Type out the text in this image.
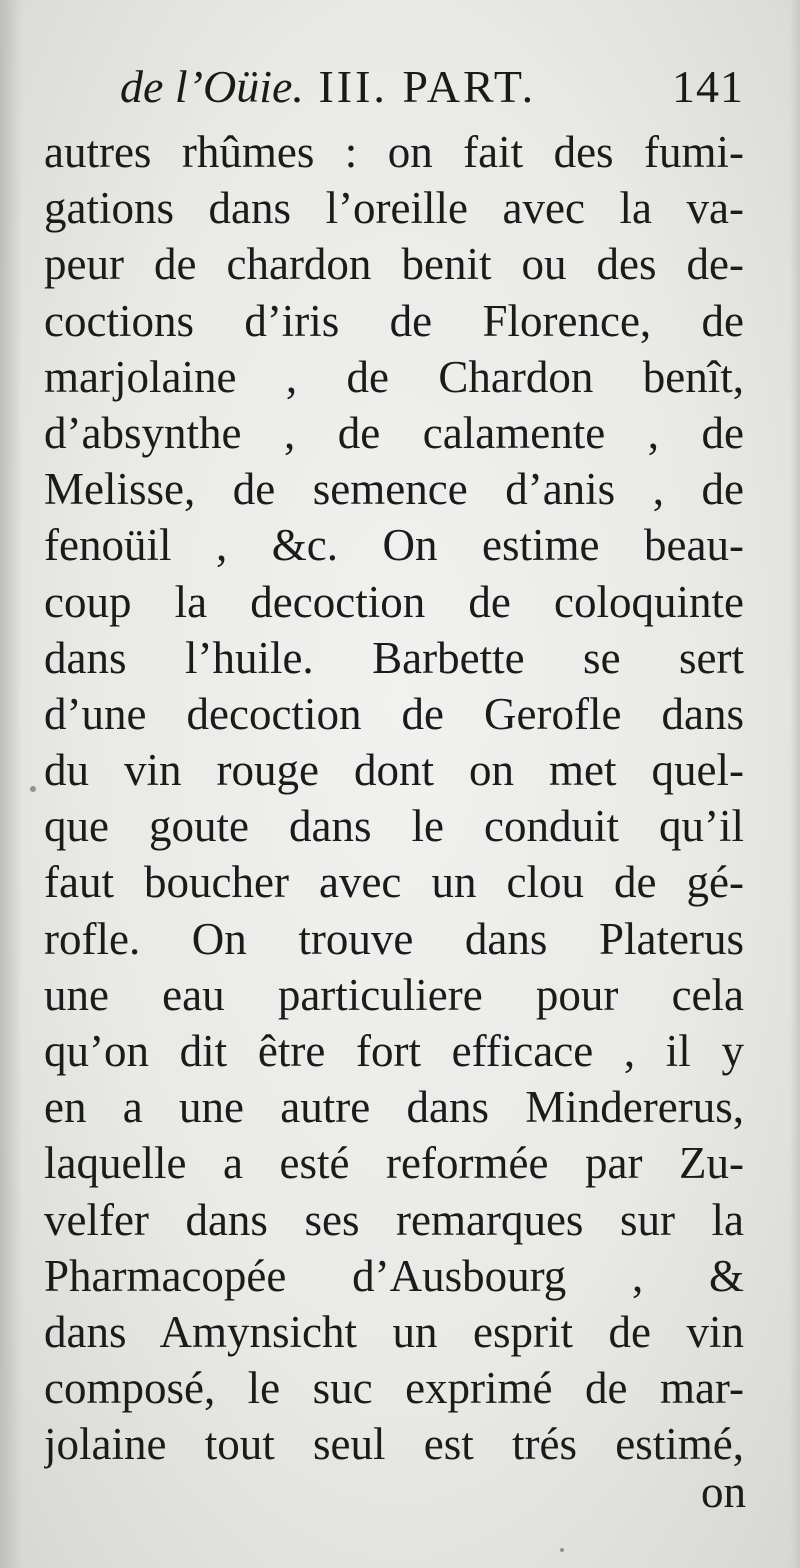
de l’Oüie. III. PART.	141
autres rhûmes : on fait des fumi-
gations dans l’oreille avec la va-
peur de chardon benit ou des de-
coctions d’iris de Florence, de
marjolaine , de Chardon benît,
d’absynthe , de calamente , de
Melisse, de semence d’anis , de
fenoüil , &c. On estime beau-
coup la decoction de coloquinte
dans l’huile. Barbette se sert
d’une decoction de Gerofle dans
du vin rouge dont on met quel-
que goute dans le conduit qu’il
faut boucher avec un clou de gé-
rofle. On trouve dans Platerus
une eau particuliere pour cela
qu’on dit être fort efficace , il y
en a une autre dans Mindererus,
laquelle a esté reformée par Zu-
velfer dans ses remarques sur la
Pharmacopée d’Ausbourg , &
dans Amynsicht un esprit de vin
composé, le suc exprimé de mar-
jolaine tout seul est trés estimé,
on
